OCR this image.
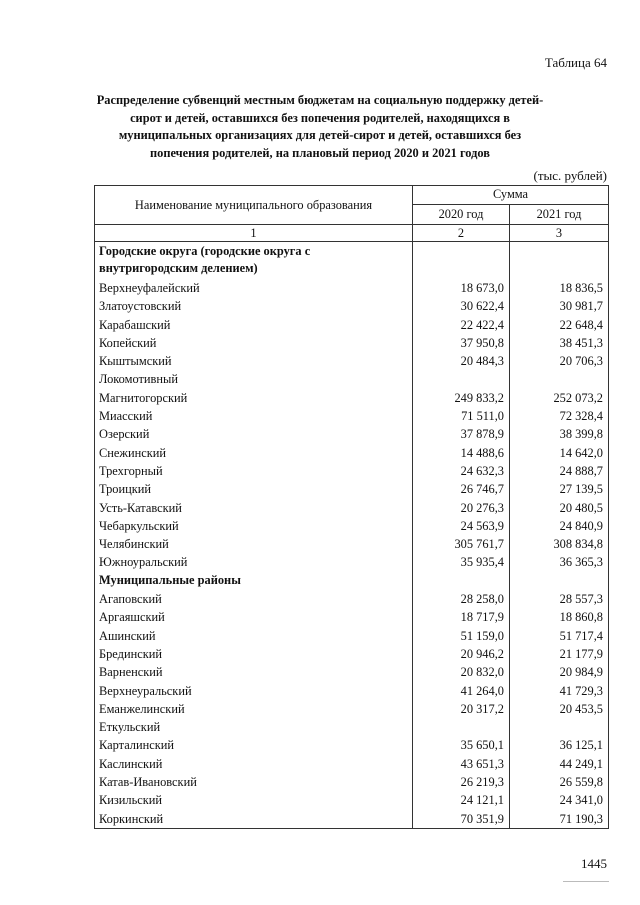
Таблица 64
Распределение субвенций местным бюджетам на социальную поддержку детей-сирот и детей, оставшихся без попечения родителей, находящихся в муниципальных организациях для детей-сирот и детей, оставшихся без попечения родителей, на плановый период 2020 и 2021 годов
(тыс. рублей)
Наименование муниципального образования	Сумма	
	2020 год	2021 год
1	2	3
Городские округа (городские округа с внутригородским делением)		
Верхнеуфалейский	18 673,0	18 836,5
Златоустовский	30 622,4	30 981,7
Карабашский	22 422,4	22 648,4
Копейский	37 950,8	38 451,3
Кыштымский	20 484,3	20 706,3
Локомотивный		
Магнитогорский	249 833,2	252 073,2
Миасский	71 511,0	72 328,4
Озерский	37 878,9	38 399,8
Снежинский	14 488,6	14 642,0
Трехгорный	24 632,3	24 888,7
Троицкий	26 746,7	27 139,5
Усть-Катавский	20 276,3	20 480,5
Чебаркульский	24 563,9	24 840,9
Челябинский	305 761,7	308 834,8
Южноуральский	35 935,4	36 365,3
Муниципальные районы		
Агаповский	28 258,0	28 557,3
Аргаяшский	18 717,9	18 860,8
Ашинский	51 159,0	51 717,4
Брединский	20 946,2	21 177,9
Варненский	20 832,0	20 984,9
Верхнеуральский	41 264,0	41 729,3
Еманжелинский	20 317,2	20 453,5
Еткульский		
Карталинский	35 650,1	36 125,1
Каслинский	43 651,3	44 249,1
Катав-Ивановский	26 219,3	26 559,8
Кизильский	24 121,1	24 341,0
Коркинский	70 351,9	71 190,3
1445
